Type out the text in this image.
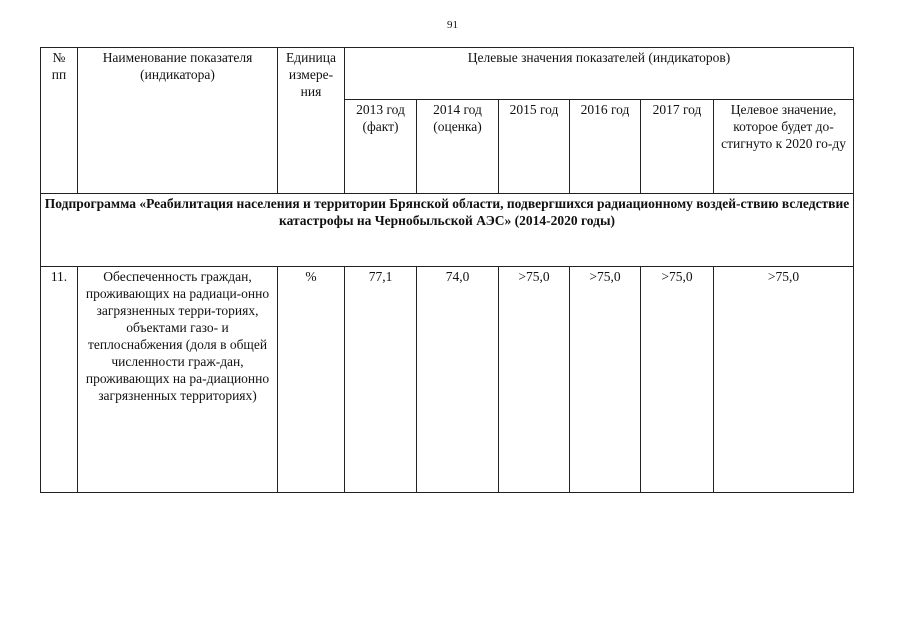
91
№ пп	Наименование показателя (индикатора)	Единица измере-ния	Целевые значения показателей (индикаторов)					
			2013 год (факт)	2014 год (оценка)	2015 год	2016 год	2017 год	Целевое значение, которое будет до-стигнуто к 2020 го-ду
Подпрограмма «Реабилитация населения и территории Брянской области, подвергшихся радиационному воздей-ствию вследствие катастрофы на Чернобыльской АЭС» (2014-2020 годы)								
11.	Обеспеченность граждан, проживающих на радиаци-онно загрязненных терри-ториях, объектами газо- и теплоснабжения (доля в общей численности граж-дан, проживающих на ра-диационно загрязненных территориях)	%	77,1	74,0	>75,0	>75,0	>75,0	>75,0
